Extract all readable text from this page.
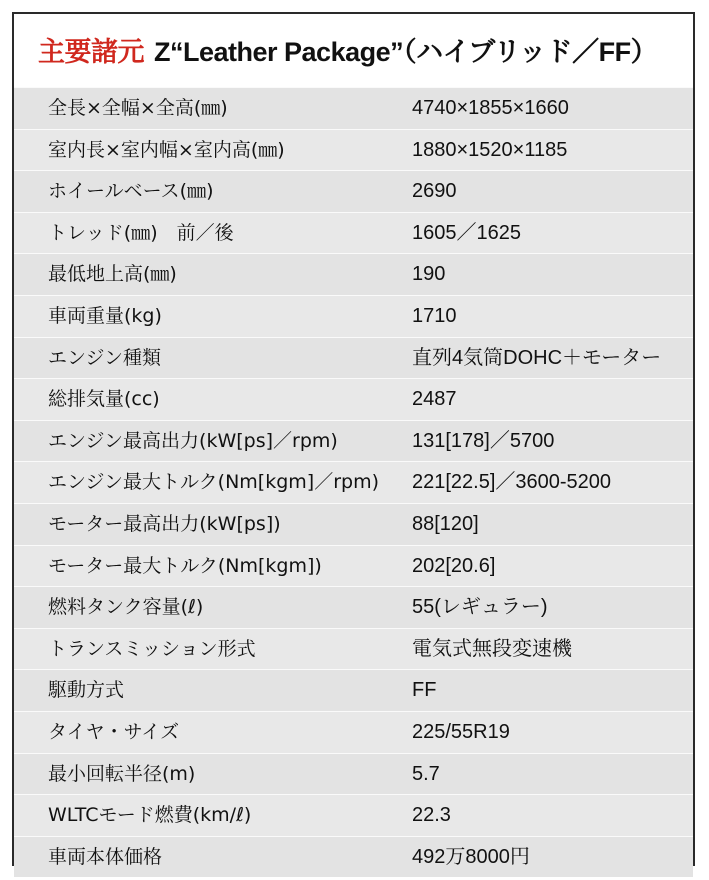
主要諸元 Z“Leather Package”（ハイブリッド／FF）
全長×全幅×全高(㎜)	4740×1855×1660
室内長×室内幅×室内高(㎜)	1880×1520×1185
ホイールベース(㎜)	2690
トレッド(㎜)　前／後	1605／1625
最低地上高(㎜)	190
車両重量(kg)	1710
エンジン種類	直列4気筒DOHC＋モーター
総排気量(cc)	2487
エンジン最高出力(kW[ps]／rpm)	131[178]／5700
エンジン最大トルク(Nm[kgm]／rpm) 221[22.5]／3600-5200
モーター最高出力(kW[ps])	88[120]
モーター最大トルク(Nm[kgm])	202[20.6]
燃料タンク容量(ℓ)	55(レギュラー)
トランスミッション形式	電気式無段変速機
駆動方式	FF
タイヤ・サイズ	225/55R19
最小回転半径(m)	5.7
WLTCモード燃費(km/ℓ)	22.3
車両本体価格	492万8000円
